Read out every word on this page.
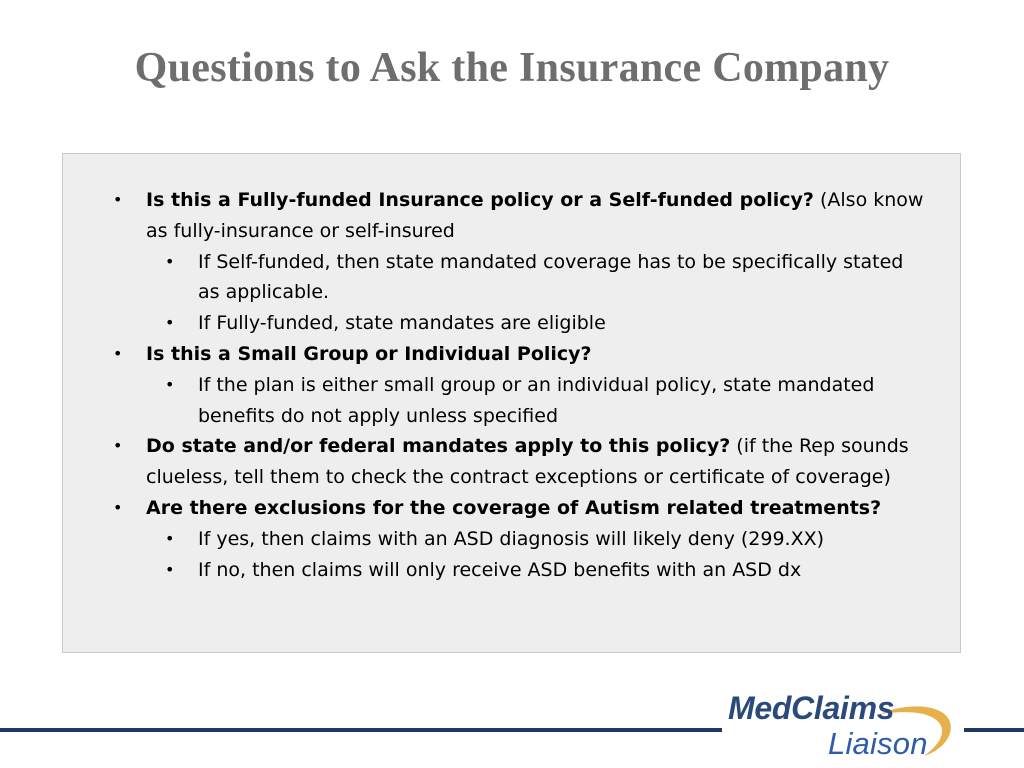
Questions to Ask the Insurance Company
• Is this a Fully-funded Insurance policy or a Self-funded policy? (Also know as fully-insurance or self-insured
• If Self-funded, then state mandated coverage has to be specifically stated as applicable.
• If Fully-funded, state mandates are eligible
• Is this a Small Group or Individual Policy?
• If the plan is either small group or an individual policy, state mandated benefits do not apply unless specified
• Do state and/or federal mandates apply to this policy? (if the Rep sounds clueless, tell them to check the contract exceptions or certificate of coverage)
• Are there exclusions for the coverage of Autism related treatments?
• If yes, then claims with an ASD diagnosis will likely deny (299.XX)
• If no, then claims will only receive ASD benefits with an ASD dx
MedClaims
Liaison
